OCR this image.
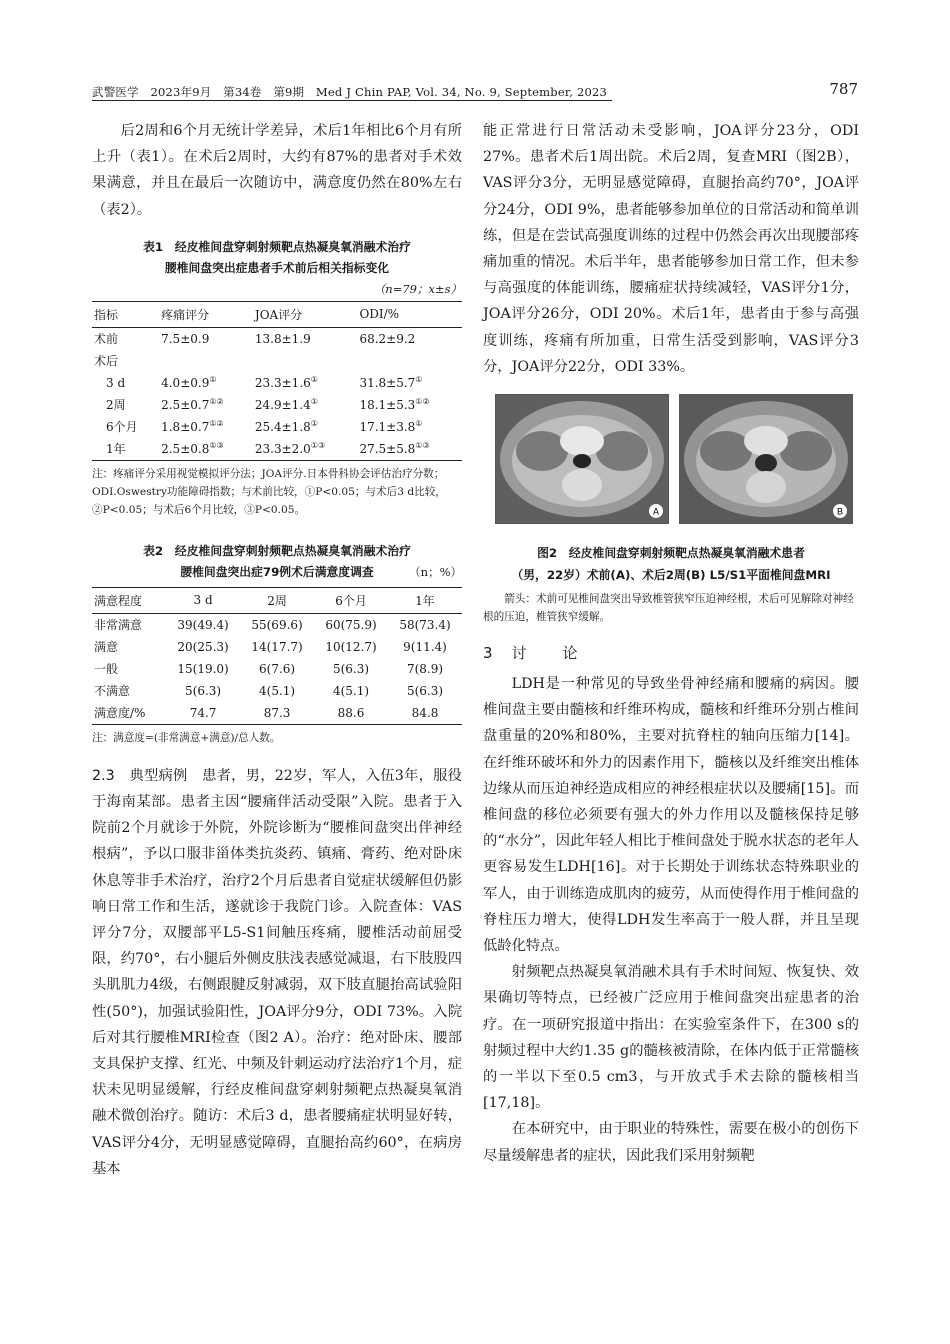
武警医学　2023年9月　第34卷　第9期　Med J Chin PAP, Vol. 34, No. 9, September, 2023	787

后2周和6个月无统计学差异，术后1年相比6个月有所上升（表1）。在术后2周时，大约有87%的患者对手术效果满意，并且在最后一次随访中，满意度仍然在80%左右（表2）。

表1　经皮椎间盘穿刺射频靶点热凝臭氧消融术治疗

腰椎间盘突出症患者手术前后相关指标变化

（n=79；x±s）
指标	疼痛评分	JOA评分	ODI/%
术前	7.5±0.9	13.8±1.9	68.2±9.2
术后			
3 d	4.0±0.9①	23.3±1.6①	31.8±5.7①
2周	2.5±0.7①②	24.9±1.4①	18.1±5.3①②
6个月	1.8±0.7①②	25.4±1.8①	17.1±3.8①
1年	2.5±0.8①③	23.3±2.0①③	27.5±5.8①③

注：疼痛评分采用视觉模拟评分法；JOA评分.日本骨科协会评估治疗分数；ODI.Oswestry功能障碍指数；与术前比较，①P<0.05；与术后3 d比较，②P<0.05；与术后6个月比较，③P<0.05。

表2　经皮椎间盘穿刺射频靶点热凝臭氧消融术治疗

腰椎间盘突出症79例术后满意度调查	（n；%）
满意程度	3 d	2周	6个月	1年
非常满意	39(49.4)	55(69.6)	60(75.9)	58(73.4)
满意	20(25.3)	14(17.7)	10(12.7)	9(11.4)
一般	15(19.0)	6(7.6)	5(6.3)	7(8.9)
不满意	5(6.3)	4(5.1)	4(5.1)	5(6.3)
满意度/%	74.7	87.3	88.6	84.8

注：满意度=(非常满意+满意)/总人数。

2.3　典型病例　患者，男，22岁，军人，入伍3年，服役于海南某部。患者主因“腰痛伴活动受限”入院。患者于入院前2个月就诊于外院，外院诊断为“腰椎间盘突出伴神经根病”，予以口服非甾体类抗炎药、镇痛、膏药、绝对卧床休息等非手术治疗，治疗2个月后患者自觉症状缓解但仍影响日常工作和生活，遂就诊于我院门诊。入院查体：VAS评分7分，双腰部平L5-S1间触压疼痛，腰椎活动前屈受限，约70°，右小腿后外侧皮肤浅表感觉减退，右下肢股四头肌肌力4级，右侧跟腱反射减弱，双下肢直腿抬高试验阳性(50°)，加强试验阳性，JOA评分9分，ODI 73%。入院后对其行腰椎MRI检查（图2 A）。治疗：绝对卧床、腰部支具保护支撑、红光、中频及针刺运动疗法治疗1个月，症状未见明显缓解，行经皮椎间盘穿刺射频靶点热凝臭氧消融术微创治疗。随访：术后3 d，患者腰痛症状明显好转，VAS评分4分，无明显感觉障碍，直腿抬高约60°，在病房基本

能正常进行日常活动未受影响，JOA评分23分，ODI 27%。患者术后1周出院。术后2周，复查MRI（图2B），VAS评分3分，无明显感觉障碍，直腿抬高约70°，JOA评分24分，ODI 9%，患者能够参加单位的日常活动和简单训练，但是在尝试高强度训练的过程中仍然会再次出现腰部疼痛加重的情况。术后半年，患者能够参加日常工作，但未参与高强度的体能训练，腰痛症状持续减轻，VAS评分1分，JOA评分26分，ODI 20%。术后1年，患者由于参与高强度训练，疼痛有所加重，日常生活受到影响，VAS评分3分，JOA评分22分，ODI 33%。

A	B

图2　经皮椎间盘穿刺射频靶点热凝臭氧消融术患者

（男，22岁）术前(A)、术后2周(B) L5/S1平面椎间盘MRI

箭头：术前可见椎间盘突出导致椎管狭窄压迫神经根，术后可见解除对神经根的压迫，椎管狭窄缓解。

3　讨　　论

LDH是一种常见的导致坐骨神经痛和腰痛的病因。腰椎间盘主要由髓核和纤维环构成，髓核和纤维环分别占椎间盘重量的20%和80%，主要对抗脊柱的轴向压缩力[14]。在纤维环破坏和外力的因素作用下，髓核以及纤维突出椎体边缘从而压迫神经造成相应的神经根症状以及腰痛[15]。而椎间盘的移位必须要有强大的外力作用以及髓核保持足够的“水分”，因此年轻人相比于椎间盘处于脱水状态的老年人更容易发生LDH[16]。对于长期处于训练状态特殊职业的军人，由于训练造成肌肉的疲劳，从而使得作用于椎间盘的脊柱压力增大，使得LDH发生率高于一般人群，并且呈现低龄化特点。

射频靶点热凝臭氧消融术具有手术时间短、恢复快、效果确切等特点，已经被广泛应用于椎间盘突出症患者的治疗。在一项研究报道中指出：在实验室条件下，在300 s的射频过程中大约1.35 g的髓核被清除，在体内低于正常髓核的一半以下至0.5 cm3，与开放式手术去除的髓核相当[17,18]。

在本研究中，由于职业的特殊性，需要在极小的创伤下尽量缓解患者的症状，因此我们采用射频靶
